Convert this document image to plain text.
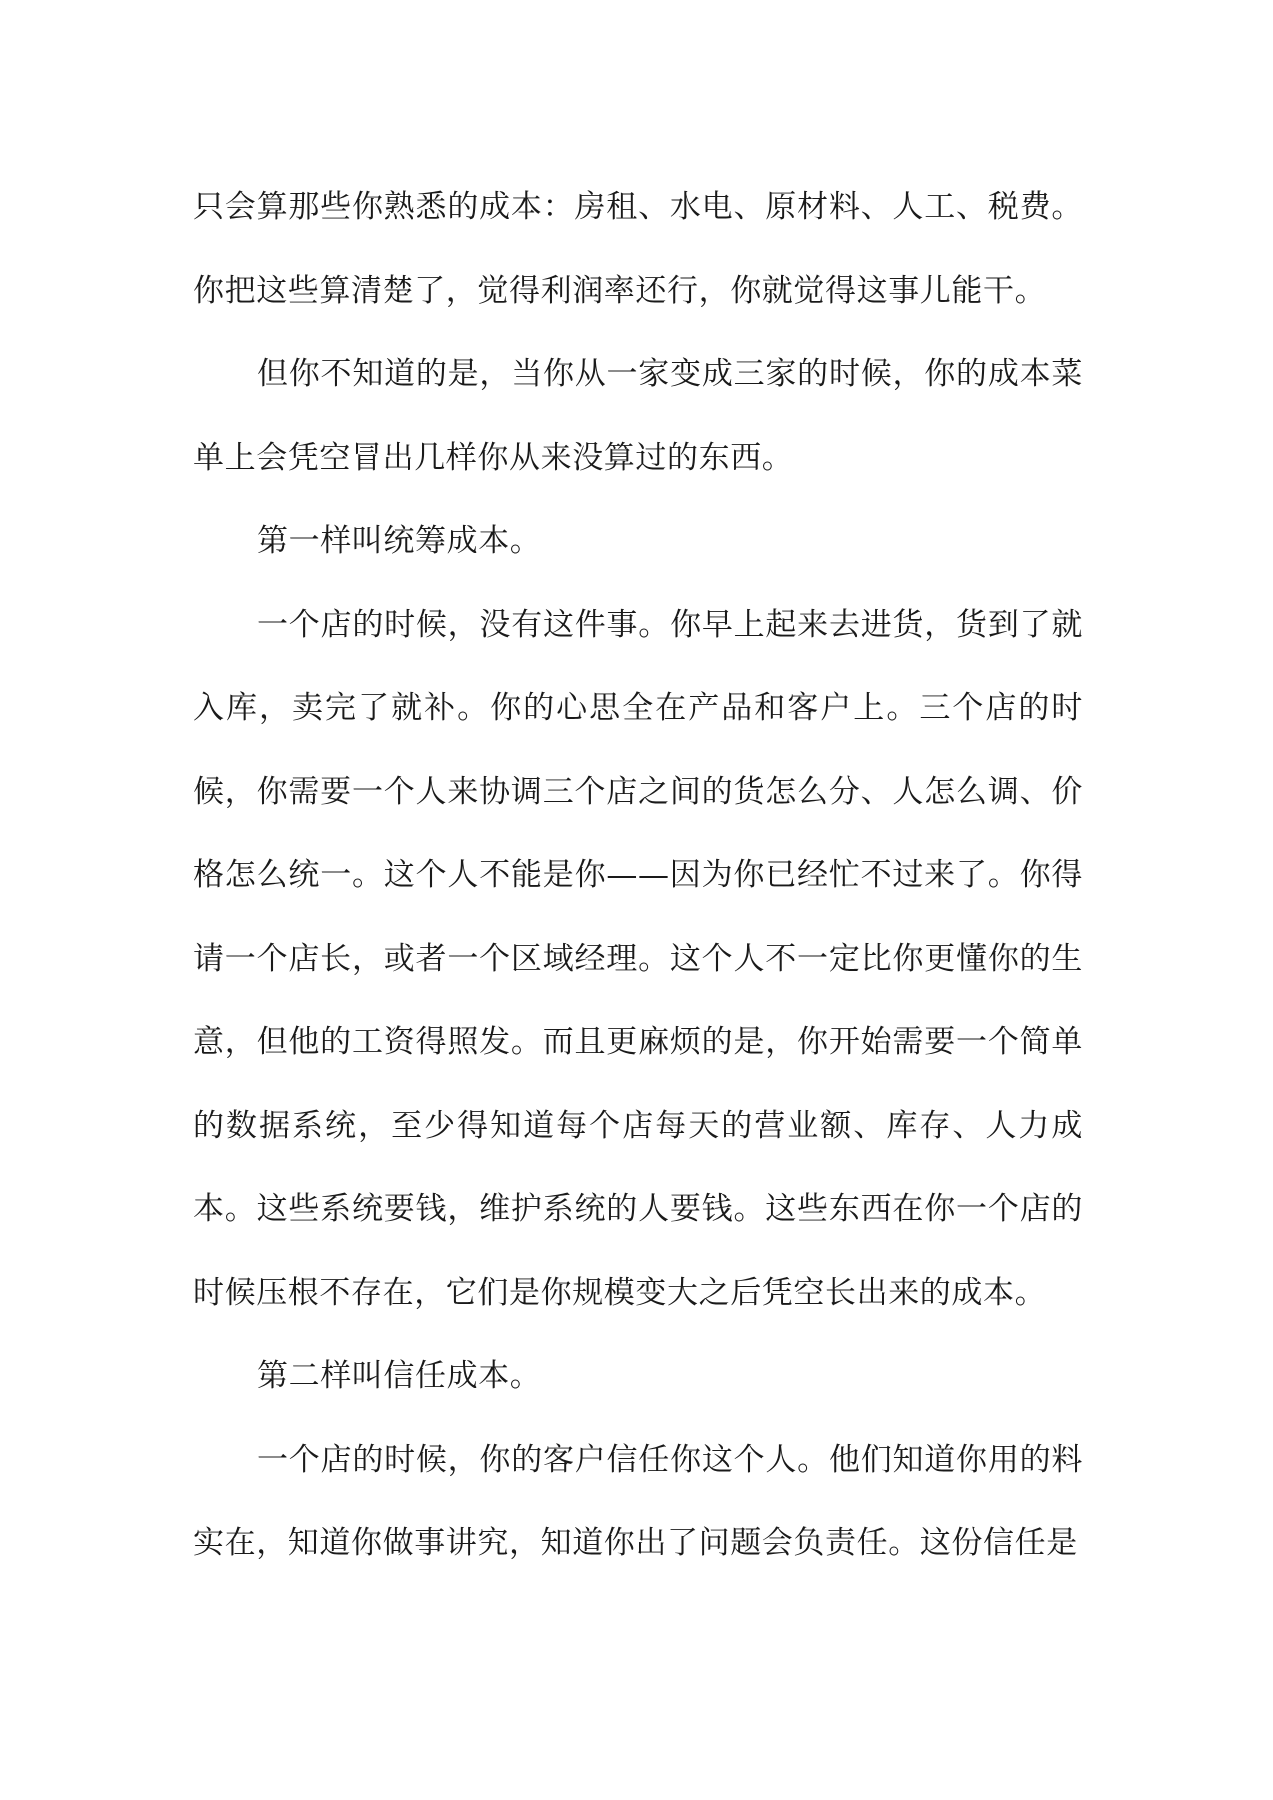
只会算那些你熟悉的成本：房租、水电、原材料、人工、税费。你把这些算清楚了，觉得利润率还行，你就觉得这事儿能干。

但你不知道的是，当你从一家变成三家的时候，你的成本菜单上会凭空冒出几样你从来没算过的东西。

第一样叫统筹成本。

一个店的时候，没有这件事。你早上起来去进货，货到了就入库，卖完了就补。你的心思全在产品和客户上。三个店的时候，你需要一个人来协调三个店之间的货怎么分、人怎么调、价格怎么统一。这个人不能是你——因为你已经忙不过来了。你得请一个店长，或者一个区域经理。这个人不一定比你更懂你的生意，但他的工资得照发。而且更麻烦的是，你开始需要一个简单的数据系统，至少得知道每个店每天的营业额、库存、人力成本。这些系统要钱，维护系统的人要钱。这些东西在你一个店的时候压根不存在，它们是你规模变大之后凭空长出来的成本。

第二样叫信任成本。

一个店的时候，你的客户信任你这个人。他们知道你用的料实在，知道你做事讲究，知道你出了问题会负责任。这份信任是
